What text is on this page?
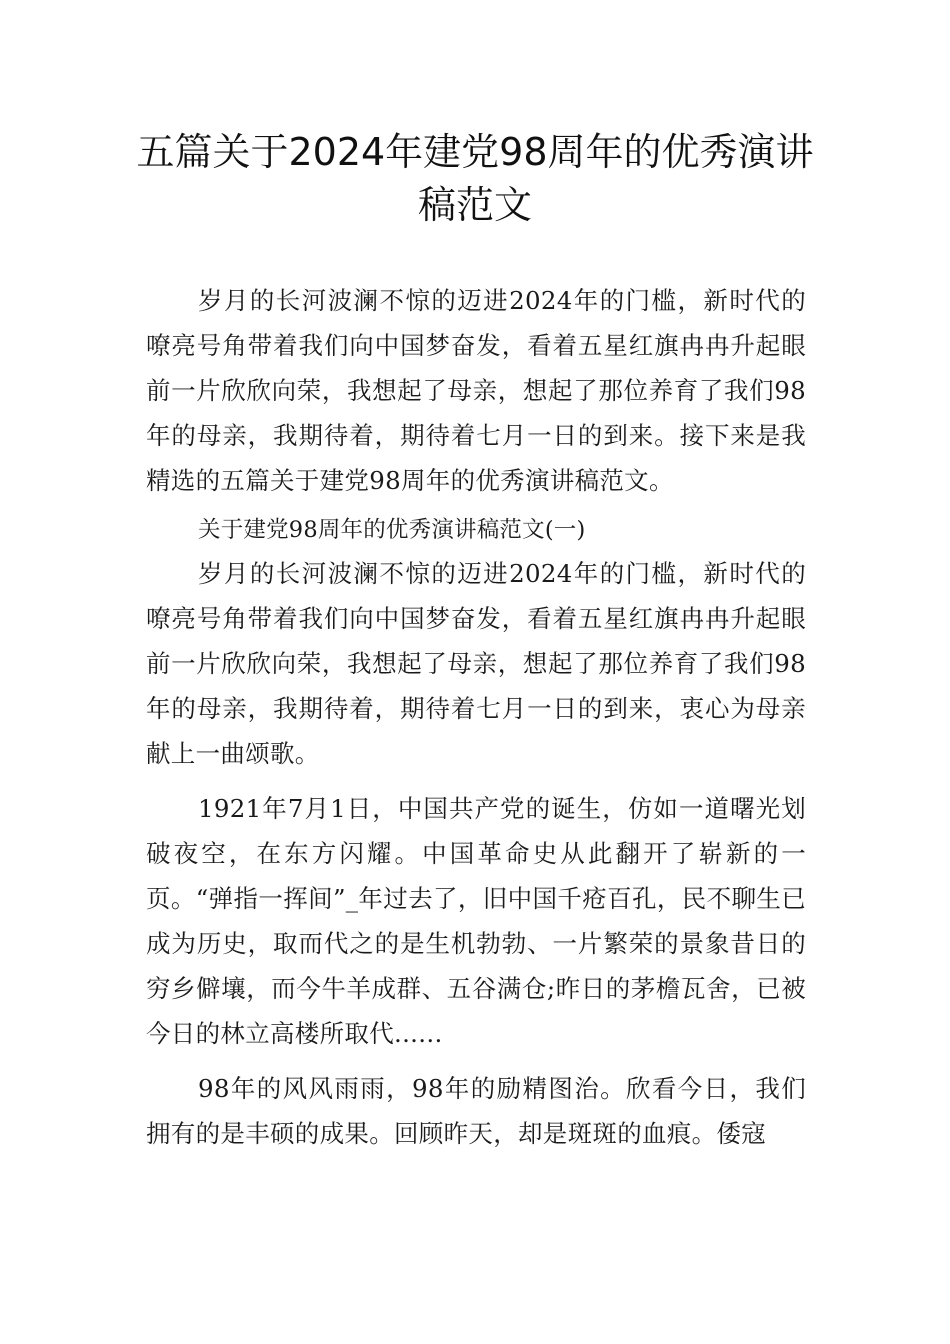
五篇关于2024年建党98周年的优秀演讲稿范文

岁月的长河波澜不惊的迈进2024年的门槛，新时代的嘹亮号角带着我们向中国梦奋发，看着五星红旗冉冉升起眼前一片欣欣向荣，我想起了母亲，想起了那位养育了我们98年的母亲，我期待着，期待着七月一日的到来。接下来是我精选的五篇关于建党98周年的优秀演讲稿范文。

关于建党98周年的优秀演讲稿范文(一)

岁月的长河波澜不惊的迈进2024年的门槛，新时代的嘹亮号角带着我们向中国梦奋发，看着五星红旗冉冉升起眼前一片欣欣向荣，我想起了母亲，想起了那位养育了我们98年的母亲，我期待着，期待着七月一日的到来，衷心为母亲献上一曲颂歌。

1921年7月1日，中国共产党的诞生，仿如一道曙光划破夜空，在东方闪耀。中国革命史从此翻开了崭新的一页。“弹指一挥间”_年过去了，旧中国千疮百孔，民不聊生已成为历史，取而代之的是生机勃勃、一片繁荣的景象昔日的穷乡僻壤，而今牛羊成群、五谷满仓;昨日的茅檐瓦舍，已被今日的林立高楼所取代......

98年的风风雨雨，98年的励精图治。欣看今日，我们拥有的是丰硕的成果。回顾昨天，却是斑斑的血痕。倭寇
